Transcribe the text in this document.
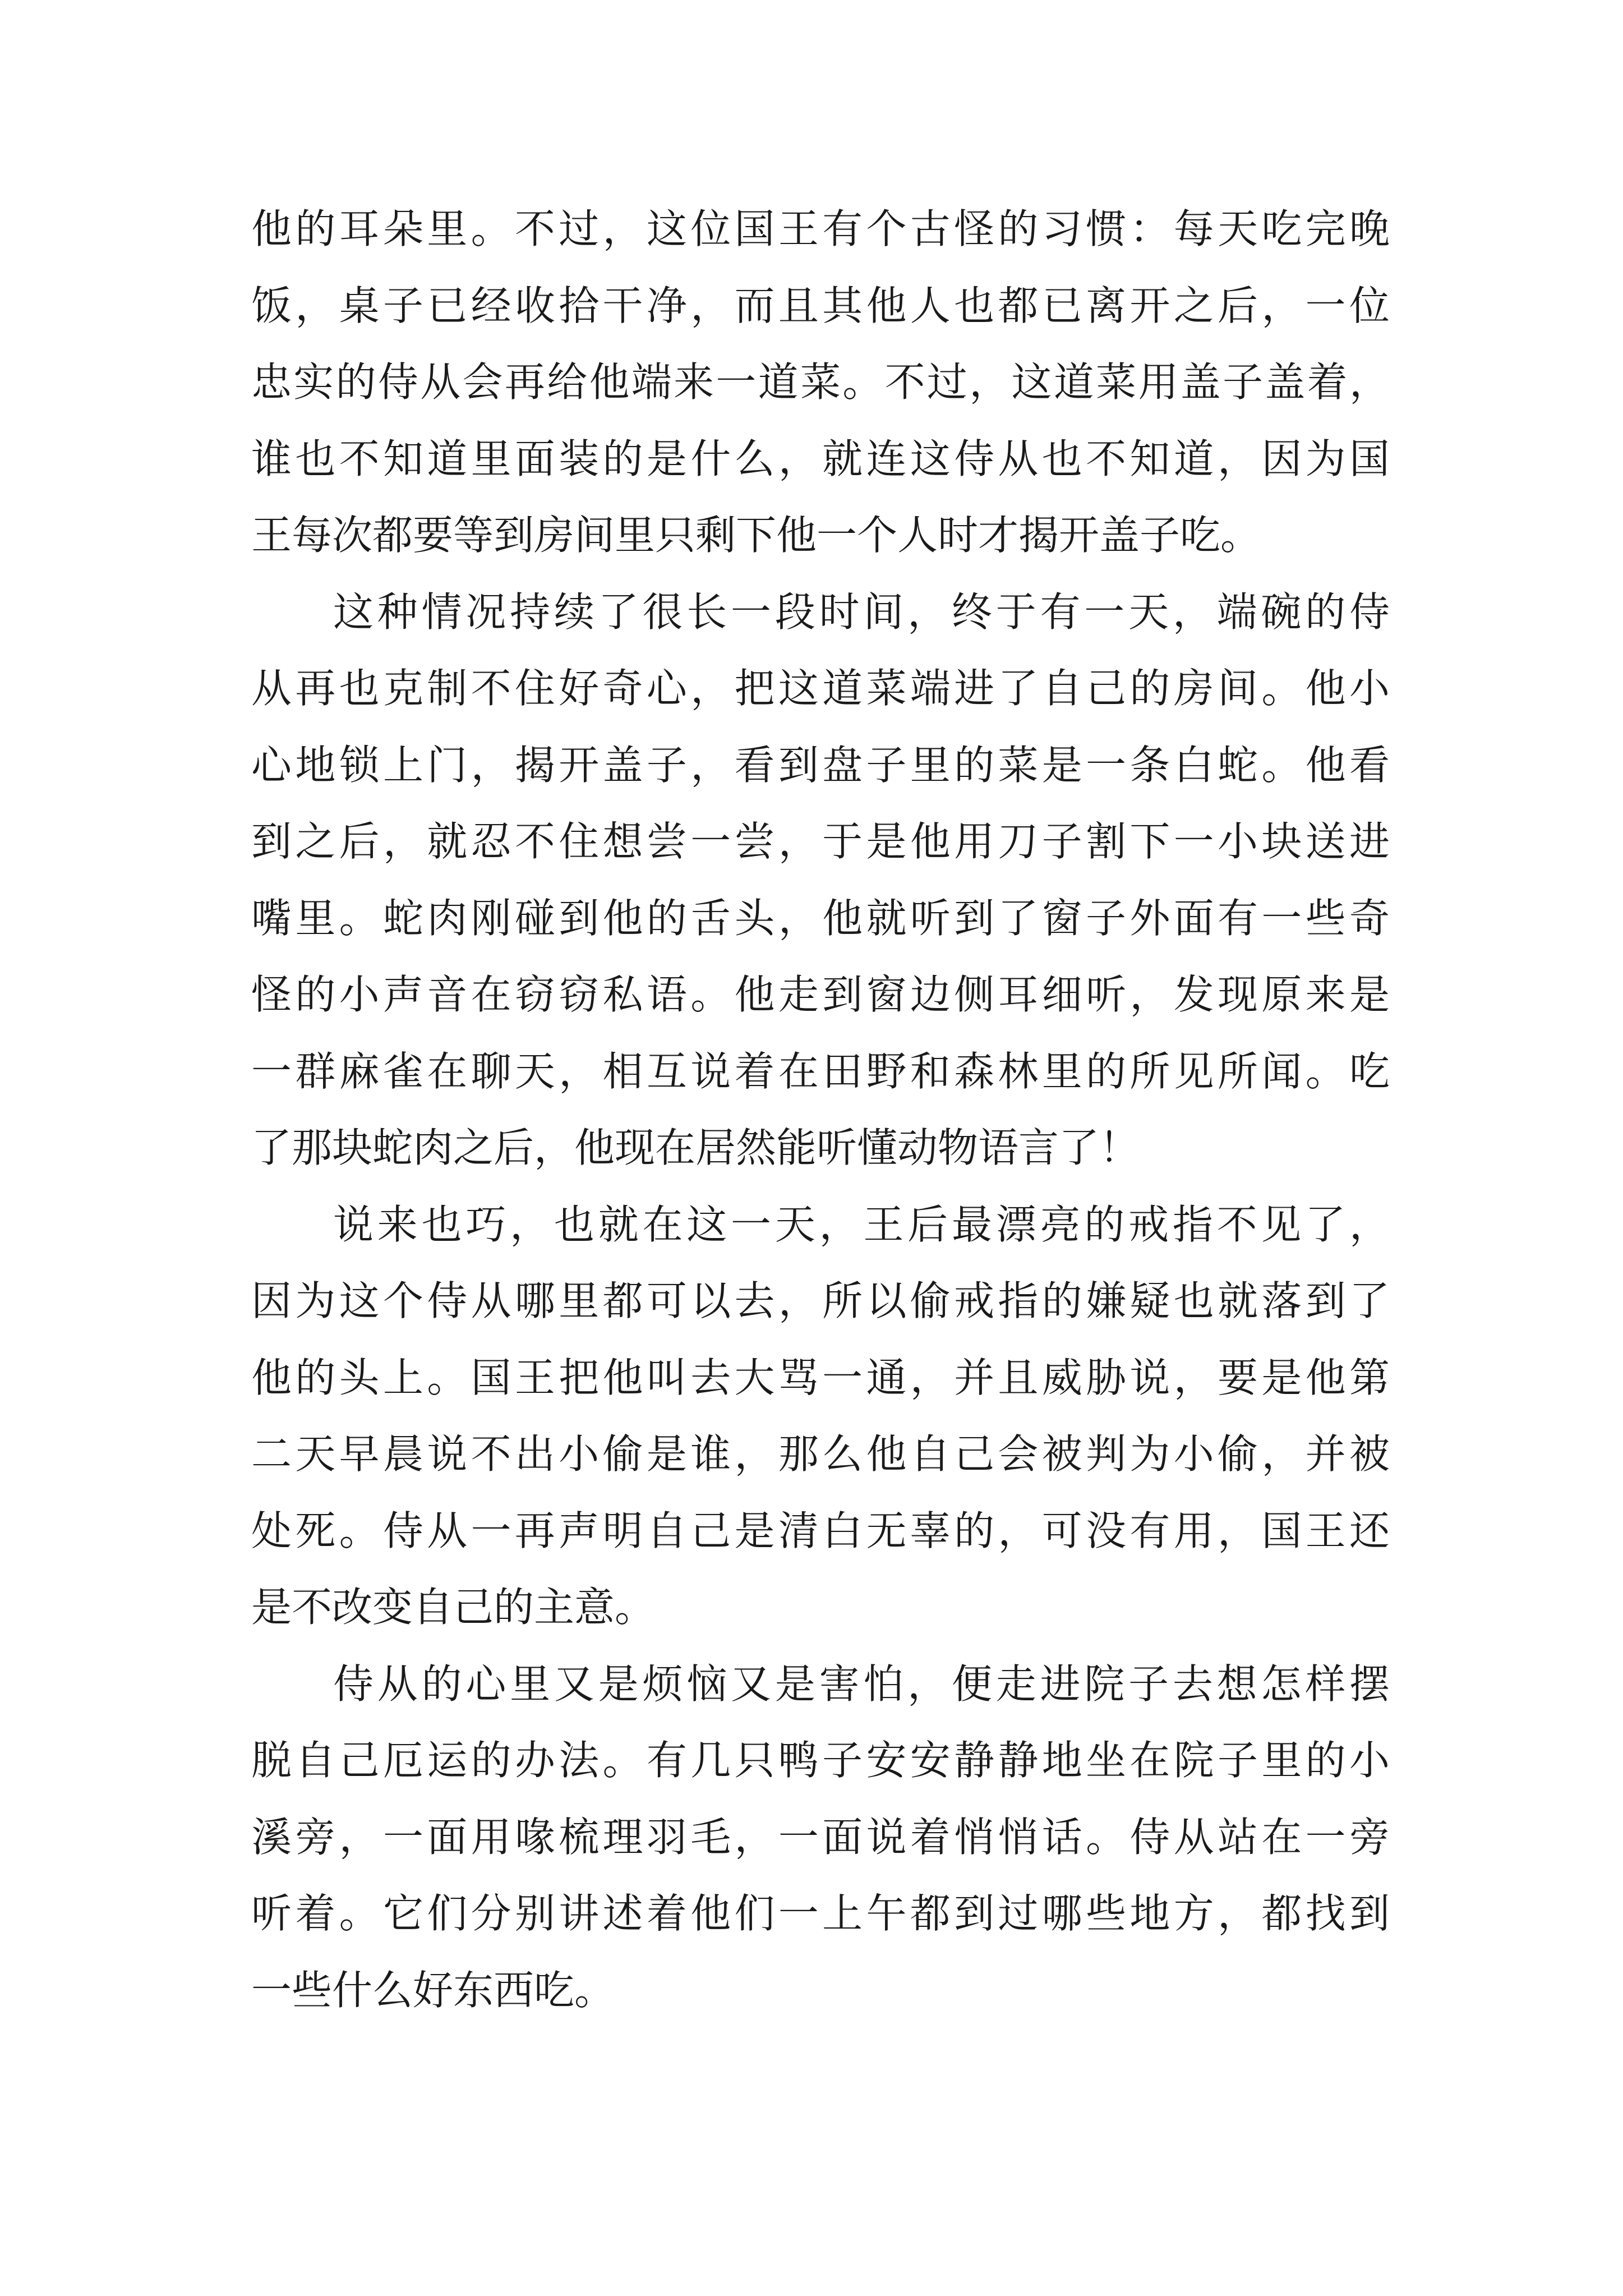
他的耳朵里。不过，这位国王有个古怪的习惯：每天吃完晚
饭，桌子已经收拾干净，而且其他人也都已离开之后，一位
忠实的侍从会再给他端来一道菜。不过，这道菜用盖子盖着，
谁也不知道里面装的是什么，就连这侍从也不知道，因为国
王每次都要等到房间里只剩下他一个人时才揭开盖子吃。
这种情况持续了很长一段时间，终于有一天，端碗的侍
从再也克制不住好奇心，把这道菜端进了自己的房间。他小
心地锁上门，揭开盖子，看到盘子里的菜是一条白蛇。他看
到之后，就忍不住想尝一尝，于是他用刀子割下一小块送进
嘴里。蛇肉刚碰到他的舌头，他就听到了窗子外面有一些奇
怪的小声音在窃窃私语。他走到窗边侧耳细听，发现原来是
一群麻雀在聊天，相互说着在田野和森林里的所见所闻。吃
了那块蛇肉之后，他现在居然能听懂动物语言了！
说来也巧，也就在这一天，王后最漂亮的戒指不见了，
因为这个侍从哪里都可以去，所以偷戒指的嫌疑也就落到了
他的头上。国王把他叫去大骂一通，并且威胁说，要是他第
二天早晨说不出小偷是谁，那么他自己会被判为小偷，并被
处死。侍从一再声明自己是清白无辜的，可没有用，国王还
是不改变自己的主意。
侍从的心里又是烦恼又是害怕，便走进院子去想怎样摆
脱自己厄运的办法。有几只鸭子安安静静地坐在院子里的小
溪旁，一面用喙梳理羽毛，一面说着悄悄话。侍从站在一旁
听着。它们分别讲述着他们一上午都到过哪些地方，都找到
一些什么好东西吃。
